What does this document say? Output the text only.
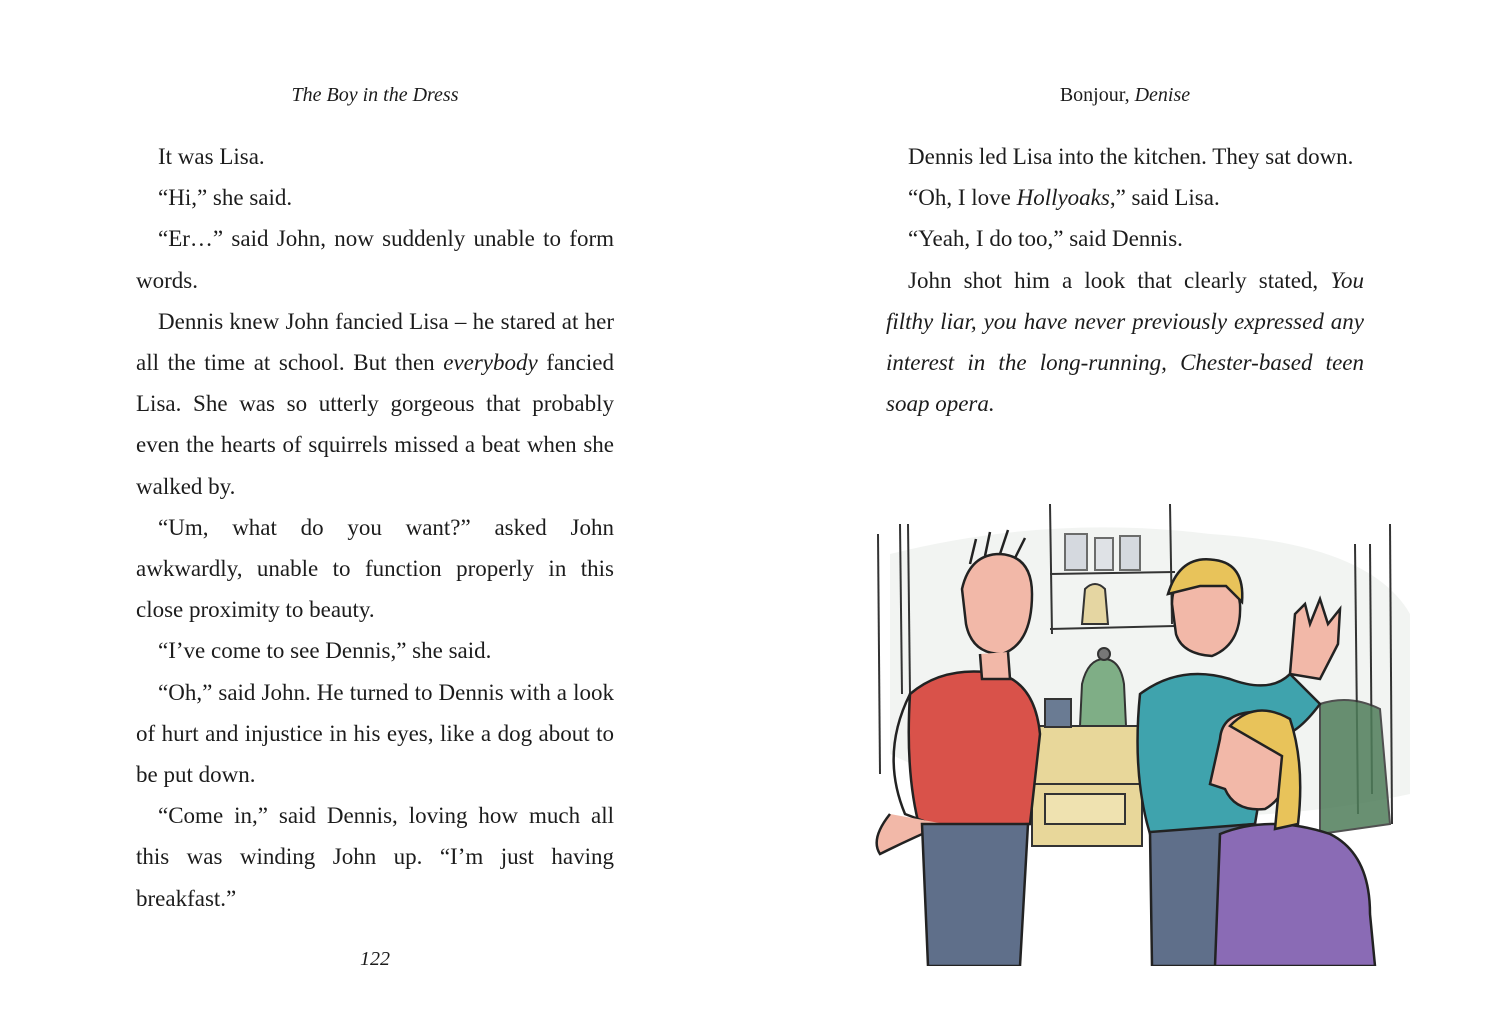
The Boy in the Dress

It was Lisa.

“Hi,” she said.

“Er…” said John, now suddenly unable to form words.

Dennis knew John fancied Lisa – he stared at her all the time at school. But then everybody fancied Lisa. She was so utterly gorgeous that probably even the hearts of squirrels missed a beat when she walked by.

“Um, what do you want?” asked John awkwardly, unable to function properly in this close proximity to beauty.

“I’ve come to see Dennis,” she said.

“Oh,” said John. He turned to Dennis with a look of hurt and injustice in his eyes, like a dog about to be put down.

“Come in,” said Dennis, loving how much all this was winding John up. “I’m just having breakfast.”

122
Bonjour, Denise

Dennis led Lisa into the kitchen. They sat down.

“Oh, I love Hollyoaks,” said Lisa.

“Yeah, I do too,” said Dennis.

John shot him a look that clearly stated, You filthy liar, you have never previously expressed any interest in the long-running, Chester-based teen soap opera.
